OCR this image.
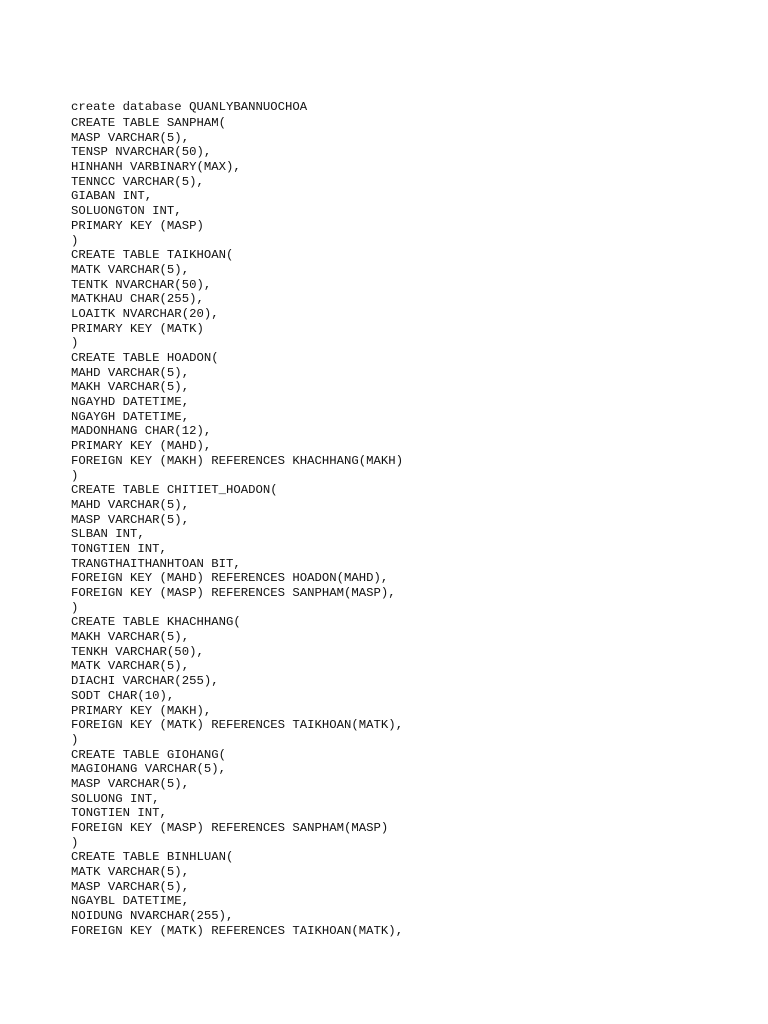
create database QUANLYBANNUOCHOA

CREATE TABLE SANPHAM(
MASP VARCHAR(5),
TENSP NVARCHAR(50),
HINHANH VARBINARY(MAX),
TENNCC VARCHAR(5),
GIABAN INT,
SOLUONGTON INT,
PRIMARY KEY (MASP)
)
CREATE TABLE TAIKHOAN(
MATK VARCHAR(5),
TENTK NVARCHAR(50),
MATKHAU CHAR(255),
LOAITK NVARCHAR(20),
PRIMARY KEY (MATK)
)
CREATE TABLE HOADON(
MAHD VARCHAR(5),
MAKH VARCHAR(5),
NGAYHD DATETIME,
NGAYGH DATETIME,
MADONHANG CHAR(12),
PRIMARY KEY (MAHD),
FOREIGN KEY (MAKH) REFERENCES KHACHHANG(MAKH)
)
CREATE TABLE CHITIET_HOADON(
MAHD VARCHAR(5),
MASP VARCHAR(5),
SLBAN INT,
TONGTIEN INT,
TRANGTHAITHANHTOAN BIT,
FOREIGN KEY (MAHD) REFERENCES HOADON(MAHD),
FOREIGN KEY (MASP) REFERENCES SANPHAM(MASP),
)
CREATE TABLE KHACHHANG(
MAKH VARCHAR(5),
TENKH VARCHAR(50),
MATK VARCHAR(5),
DIACHI VARCHAR(255),
SODT CHAR(10),
PRIMARY KEY (MAKH),
FOREIGN KEY (MATK) REFERENCES TAIKHOAN(MATK),
)
CREATE TABLE GIOHANG(
MAGIOHANG VARCHAR(5),
MASP VARCHAR(5),
SOLUONG INT,
TONGTIEN INT,
FOREIGN KEY (MASP) REFERENCES SANPHAM(MASP)
)
CREATE TABLE BINHLUAN(
MATK VARCHAR(5),
MASP VARCHAR(5),
NGAYBL DATETIME,
NOIDUNG NVARCHAR(255),
FOREIGN KEY (MATK) REFERENCES TAIKHOAN(MATK),
